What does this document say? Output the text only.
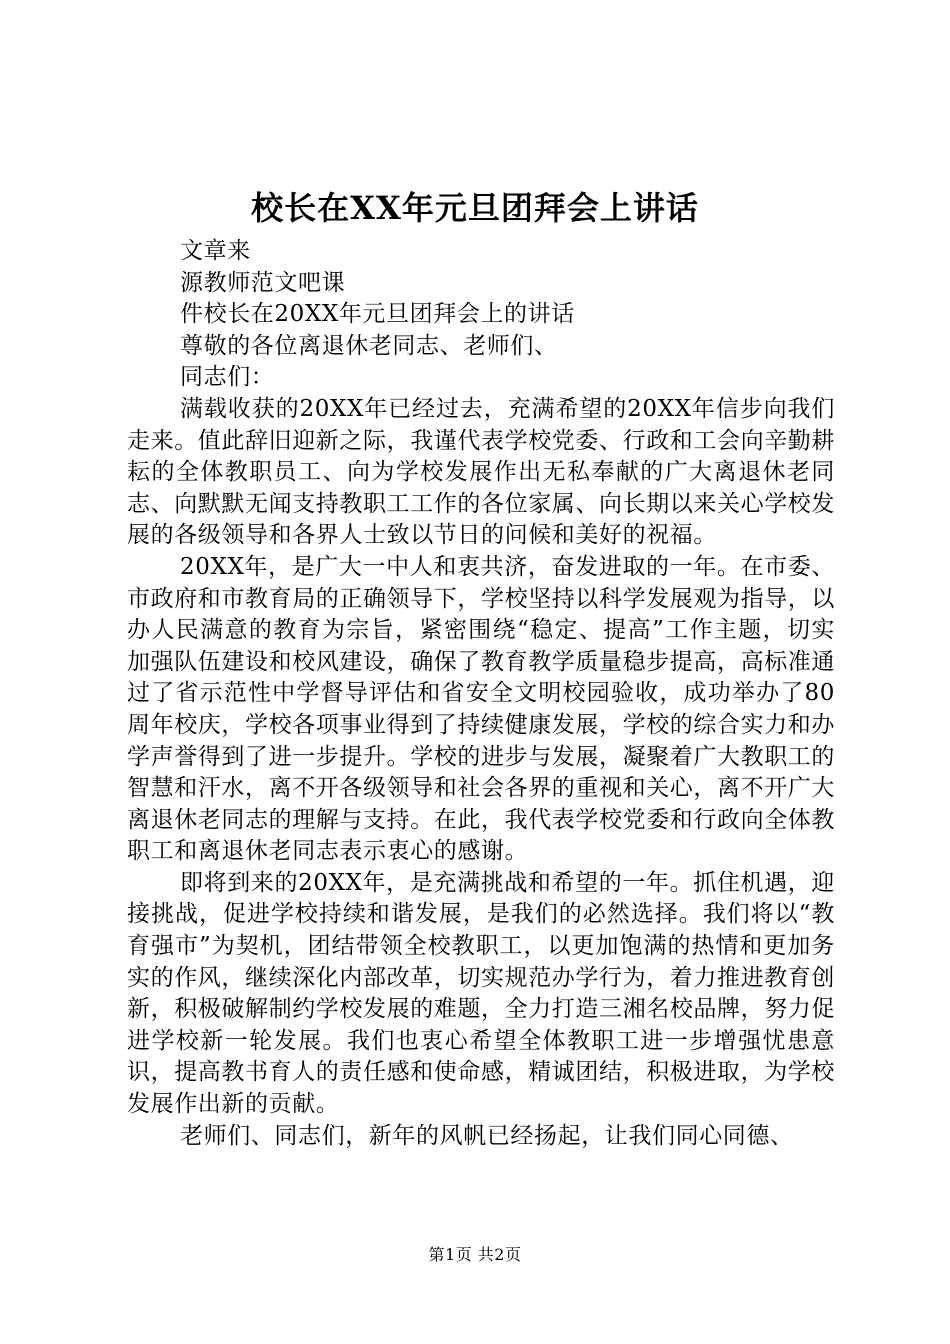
校长在XX年元旦团拜会上讲话

文章来

源教师范文吧课

件校长在20XX年元旦团拜会上的讲话

尊敬的各位离退休老同志、老师们、

同志们：

满载收获的20XX年已经过去，充满希望的20XX年信步向我们走来。值此辞旧迎新之际，我谨代表学校党委、行政和工会向辛勤耕耘的全体教职员工、向为学校发展作出无私奉献的广大离退休老同志、向默默无闻支持教职工工作的各位家属、向长期以来关心学校发展的各级领导和各界人士致以节日的问候和美好的祝福。

20XX年，是广大一中人和衷共济，奋发进取的一年。在市委、市政府和市教育局的正确领导下，学校坚持以科学发展观为指导，以办人民满意的教育为宗旨，紧密围绕“稳定、提高”工作主题，切实加强队伍建设和校风建设，确保了教育教学质量稳步提高，高标准通过了省示范性中学督导评估和省安全文明校园验收，成功举办了80周年校庆，学校各项事业得到了持续健康发展，学校的综合实力和办学声誉得到了进一步提升。学校的进步与发展，凝聚着广大教职工的智慧和汗水，离不开各级领导和社会各界的重视和关心，离不开广大离退休老同志的理解与支持。在此，我代表学校党委和行政向全体教职工和离退休老同志表示衷心的感谢。

即将到来的20XX年，是充满挑战和希望的一年。抓住机遇，迎接挑战，促进学校持续和谐发展，是我们的必然选择。我们将以“教育强市”为契机，团结带领全校教职工，以更加饱满的热情和更加务实的作风，继续深化内部改革，切实规范办学行为，着力推进教育创新，积极破解制约学校发展的难题，全力打造三湘名校品牌，努力促进学校新一轮发展。我们也衷心希望全体教职工进一步增强忧患意识，提高教书育人的责任感和使命感，精诚团结，积极进取，为学校发展作出新的贡献。

老师们、同志们，新年的风帆已经扬起，让我们同心同德、

第1页 共2页
